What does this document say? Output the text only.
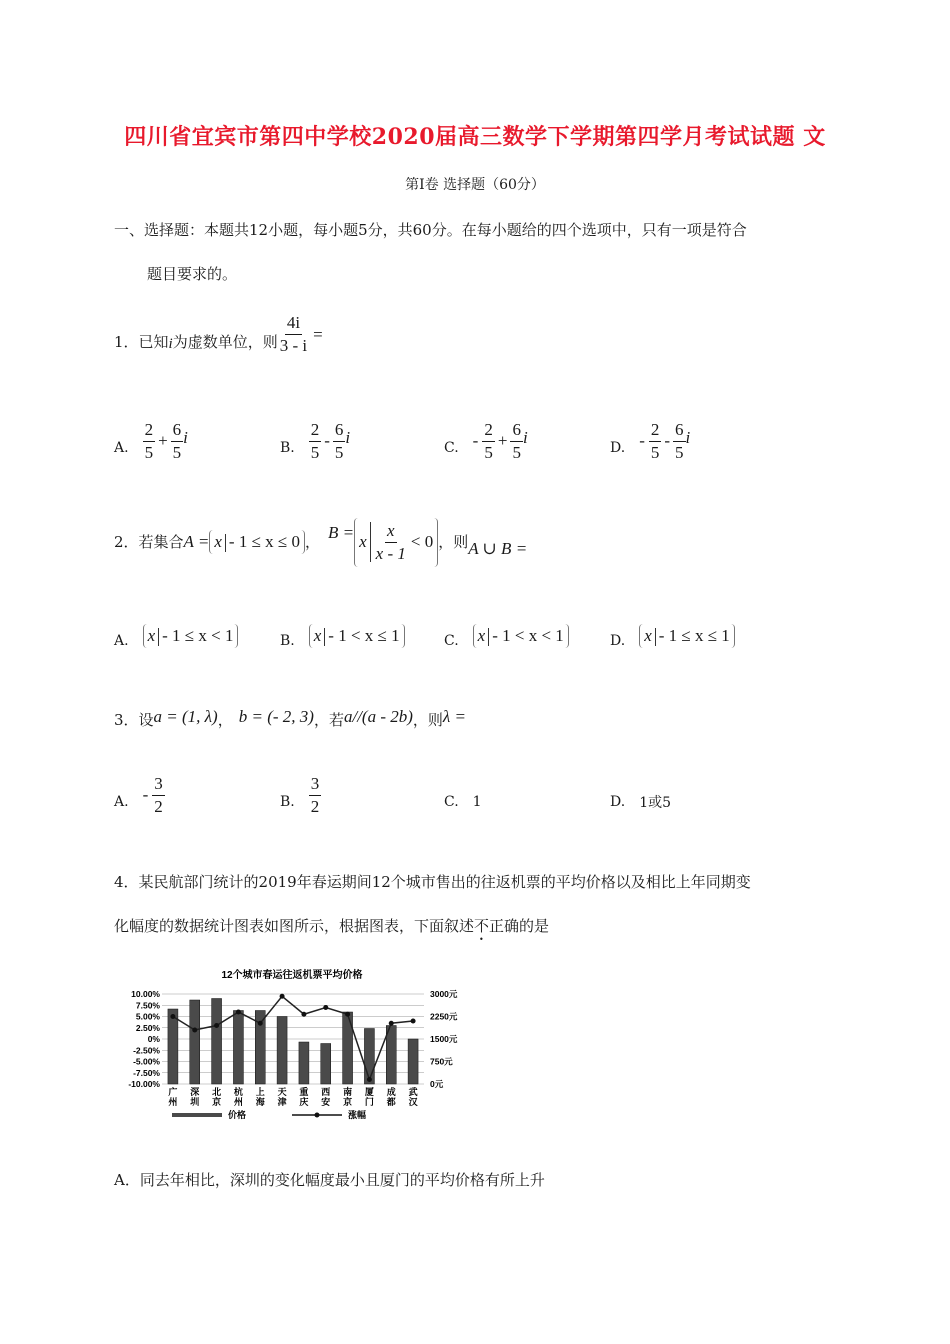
四川省宜宾市第四中学校2020届高三数学下学期第四学月考试试题 文
第Ⅰ卷 选择题（60分）
一、选择题：本题共12小题，每小题5分，共60分。在每小题给的四个选项中，只有一项是符合
题目要求的。
1．已知 i 为虚数单位，则 $\frac{4i}{3 - i}$ =
A. $\frac{2}{5} + \frac{6}{5}$ i
B. $\frac{2}{5} - \frac{6}{5}$ i
C. - $\frac{2}{5} + \frac{6}{5}$ i
D. - $\frac{2}{5} - \frac{6}{5}$ i
2．若集合 A = x - 1 ≤ x ≤ 0 ， B = x $\frac{x}{x - 1} < 0$ ，则 A ∪ B =
A. x - 1 ≤ x < 1	B. x - 1 < x ≤ 1	C. x - 1 < x < 1	D. x - 1 ≤ x ≤ 1
3．设 a = (1, λ) ， b = (- 2, 3) ，若 a//(a - 2b) ，则 λ =
A. - $\frac{3}{2}$	B. $\frac{3}{2}$	C. 1	D. 1或5
4．某民航部门统计的2019年春运期间12个城市售出的往返机票的平均价格以及相比上年同期变
化幅度的数据统计图表如图所示，根据图表，下面叙述不正确的是
12个城市春运往返机票平均价格
10.00%
7.50%
5.00%
2.50%
0%
-2.50%
-5.00%
-7.50%
-10.00%
3000元
2250元
1500元
750元
0元
广
州
深
圳
北
京
杭
州
上
海
天
津
重
庆
西
安
南
京
厦
门
成
都
武
汉
价格	涨幅
A．同去年相比，深圳的变化幅度最小且厦门的平均价格有所上升
